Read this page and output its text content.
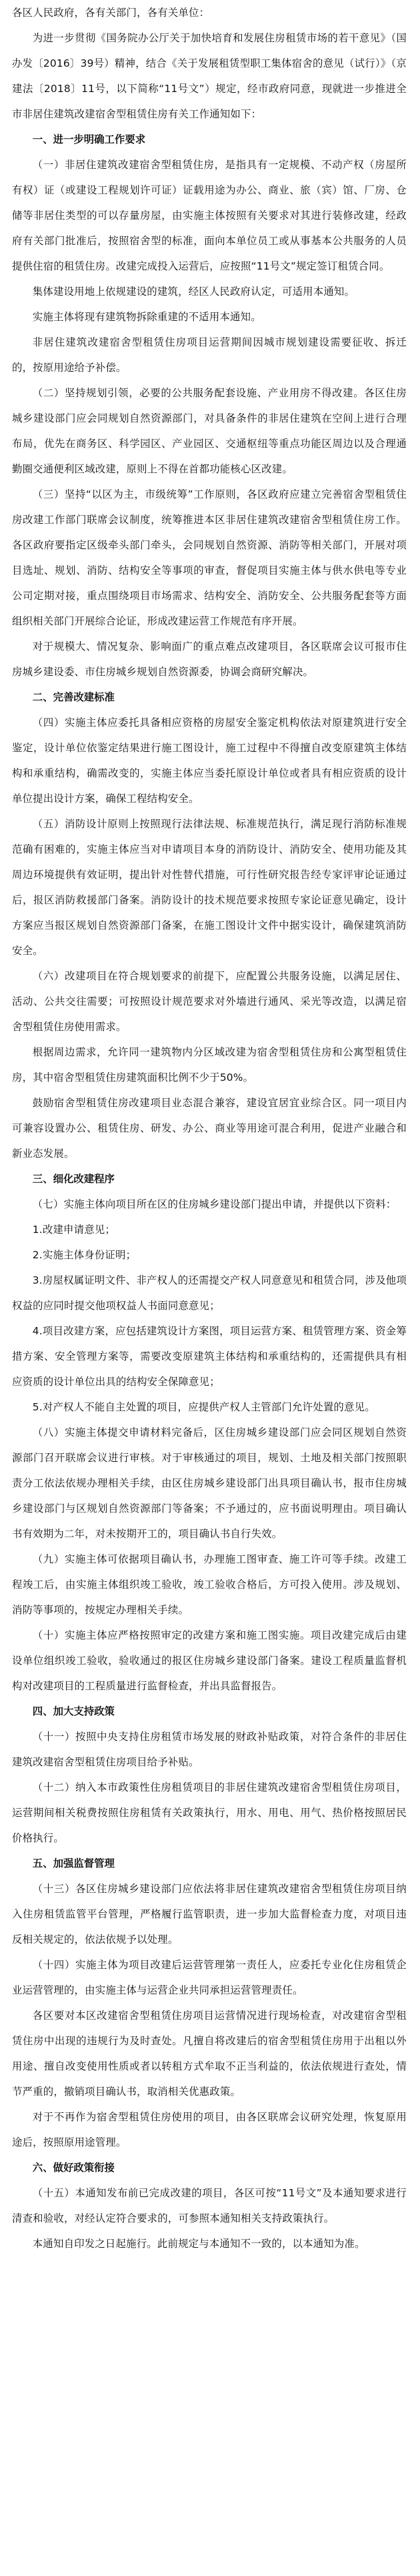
各区人民政府，各有关部门，各有关单位：

为进一步贯彻《国务院办公厅关于加快培育和发展住房租赁市场的若干意见》（国办发〔2016〕39号）精神，结合《关于发展租赁型职工集体宿舍的意见（试行）》（京建法〔2018〕11号，以下简称“11号文”）规定，经市政府同意，现就进一步推进全市非居住建筑改建宿舍型租赁住房有关工作通知如下：

一、进一步明确工作要求

（一）非居住建筑改建宿舍型租赁住房，是指具有一定规模、不动产权（房屋所有权）证（或建设工程规划许可证）证载用途为办公、商业、旅（宾）馆、厂房、仓储等非居住类型的可以存量房屋，由实施主体按照有关要求对其进行装修改建，经政府有关部门批准后，按照宿舍型的标准，面向本单位员工或从事基本公共服务的人员提供住宿的租赁住房。改建完成投入运营后，应按照“11号文”规定签订租赁合同。

集体建设用地上依规建设的建筑，经区人民政府认定，可适用本通知。

实施主体将现有建筑物拆除重建的不适用本通知。

非居住建筑改建宿舍型租赁住房项目运营期间因城市规划建设需要征收、拆迁的，按原用途给予补偿。

（二）坚持规划引领，必要的公共服务配套设施、产业用房不得改建。各区住房城乡建设部门应会同规划自然资源部门，对具备条件的非居住建筑在空间上进行合理布局，优先在商务区、科学园区、产业园区、交通枢纽等重点功能区周边以及合理通勤圈交通便利区域改建，原则上不得在首都功能核心区改建。

（三）坚持“以区为主，市级统筹”工作原则，各区政府应建立完善宿舍型租赁住房改建工作部门联席会议制度，统筹推进本区非居住建筑改建宿舍型租赁住房工作。各区政府要指定区级牵头部门牵头，会同规划自然资源、消防等相关部门，开展对项目选址、规划、消防、结构安全等事项的审查，督促项目实施主体与供水供电等专业公司定期对接，重点围绕项目市场需求、结构安全、消防安全、公共服务配套等方面组织相关部门开展综合论证，形成改建运营工作规范有序开展。

对于规模大、情况复杂、影响面广的重点难点改建项目，各区联席会议可报市住房城乡建设委、市住房城乡规划自然资源委，协调会商研究解决。

二、完善改建标准

（四）实施主体应委托具备相应资格的房屋安全鉴定机构依法对原建筑进行安全鉴定，设计单位依鉴定结果进行施工图设计，施工过程中不得擅自改变原建筑主体结构和承重结构，确需改变的，实施主体应当委托原设计单位或者具有相应资质的设计单位提出设计方案，确保工程结构安全。

（五）消防设计原则上按照现行法律法规、标准规范执行，满足现行消防标准规范确有困难的，实施主体应当对申请项目本身的消防设计、消防安全、使用功能及其周边环境提供有效证明，提出针对性替代措施，可行性研究报告经专家评审论证通过后，报区消防救援部门备案。消防设计的技术规范要求按照专家论证意见确定，设计方案应当报区规划自然资源部门备案，在施工图设计文件中据实设计，确保建筑消防安全。

（六）改建项目在符合规划要求的前提下，应配置公共服务设施，以满足居住、活动、公共交往需要；可按照设计规范要求对外墙进行通风、采光等改造，以满足宿舍型租赁住房使用需求。

根据周边需求，允许同一建筑物内分区域改建为宿舍型租赁住房和公寓型租赁住房，其中宿舍型租赁住房建筑面积比例不少于50%。

鼓励宿舍型租赁住房改建项目业态混合兼容，建设宜居宜业综合区。同一项目内可兼容设置办公、租赁住房、研发、办公、商业等用途可混合利用，促进产业融合和新业态发展。

三、细化改建程序

（七）实施主体向项目所在区的住房城乡建设部门提出申请，并提供以下资料：

1.改建申请意见；

2.实施主体身份证明；

3.房屋权属证明文件、非产权人的还需提交产权人同意意见和租赁合同，涉及他项权益的应同时提交他项权益人书面同意意见；

4.项目改建方案，应包括建筑设计方案图，项目运营方案、租赁管理方案、资金筹措方案、安全管理方案等，需要改变原建筑主体结构和承重结构的，还需提供具有相应资质的设计单位出具的结构安全保障意见；

5.对产权人不能自主处置的项目，应提供产权人主管部门允许处置的意见。

（八）实施主体提交申请材料完备后，区住房城乡建设部门应会同区规划自然资源部门召开联席会议进行审核。对于审核通过的项目，规划、土地及相关部门按照职责分工依法依规办理相关手续，由区住房城乡建设部门出具项目确认书，报市住房城乡建设部门与区规划自然资源部门等备案；不予通过的，应书面说明理由。项目确认书有效期为二年，对未按期开工的，项目确认书自行失效。

（九）实施主体可依据项目确认书，办理施工图审查、施工许可等手续。改建工程竣工后，由实施主体组织竣工验收，竣工验收合格后，方可投入使用。涉及规划、消防等事项的，按规定办理相关手续。

（十）实施主体应严格按照审定的改建方案和施工图实施。项目改建完成后由建设单位组织竣工验收，验收通过的报区住房城乡建设部门备案。建设工程质量监督机构对改建项目的工程质量进行监督检查，并出具监督报告。

四、加大支持政策

（十一）按照中央支持住房租赁市场发展的财政补贴政策，对符合条件的非居住建筑改建宿舍型租赁住房项目给予补贴。

（十二）纳入本市政策性住房租赁项目的非居住建筑改建宿舍型租赁住房项目，运营期间相关税费按照住房租赁有关政策执行，用水、用电、用气、热价格按照居民价格执行。

五、加强监督管理

（十三）各区住房城乡建设部门应依法将非居住建筑改建宿舍型租赁住房项目纳入住房租赁监管平台管理，严格履行监管职责，进一步加大监督检查力度，对项目违反相关规定的，依法依规予以处理。

（十四）实施主体为项目改建后运营管理第一责任人，应委托专业化住房租赁企业运营管理的，由实施主体与运营企业共同承担运营管理责任。

各区要对本区改建宿舍型租赁住房项目运营情况进行现场检查，对改建宿舍型租赁住房中出现的违规行为及时查处。凡擅自将改建后的宿舍型租赁住房用于出租以外用途、擅自改变使用性质或者以转租方式牟取不正当利益的，依法依规进行查处，情节严重的，撤销项目确认书，取消相关优惠政策。

对于不再作为宿舍型租赁住房使用的项目，由各区联席会议研究处理，恢复原用途后，按照原用途管理。

六、做好政策衔接

（十五）本通知发布前已完成改建的项目，各区可按“11号文”及本通知要求进行清查和验收，对经认定符合要求的，可参照本通知相关支持政策执行。

本通知自印发之日起施行。此前规定与本通知不一致的，以本通知为准。
